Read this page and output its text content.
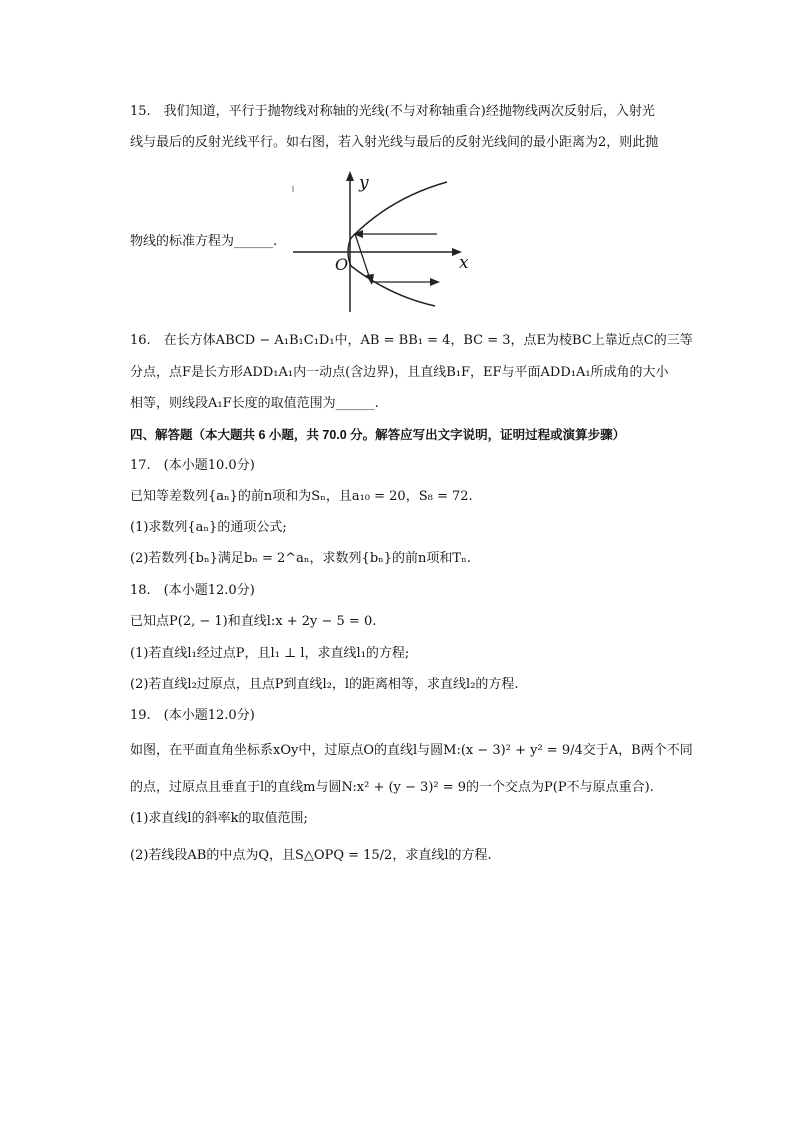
15.　我们知道，平行于抛物线对称轴的光线(不与对称轴重合)经抛物线两次反射后，入射光
线与最后的反射光线平行。如右图，若入射光线与最后的反射光线间的最小距离为2，则此抛
物线的标准方程为______.
y
x
O
16.　在长方体ABCD − A₁B₁C₁D₁中，AB = BB₁ = 4，BC = 3，点E为棱BC上靠近点C的三等
分点，点F是长方形ADD₁A₁内一动点(含边界)，且直线B₁F，EF与平面ADD₁A₁所成角的大小
相等，则线段A₁F长度的取值范围为______.
四、解答题（本大题共 6 小题，共 70.0 分。解答应写出文字说明，证明过程或演算步骤）
17.　(本小题10.0分)
已知等差数列{aₙ}的前n项和为Sₙ，且a₁₀ = 20，S₈ = 72.
(1)求数列{aₙ}的通项公式;
(2)若数列{bₙ}满足bₙ = 2^aₙ，求数列{bₙ}的前n项和Tₙ.
18.　(本小题12.0分)
已知点P(2, − 1)和直线l:x + 2y − 5 = 0.
(1)若直线l₁经过点P，且l₁ ⊥ l，求直线l₁的方程;
(2)若直线l₂过原点，且点P到直线l₂，l的距离相等，求直线l₂的方程.
19.　(本小题12.0分)
如图，在平面直角坐标系xOy中，过原点O的直线l与圆M:(x − 3)² + y² = 9/4交于A，B两个不同
的点，过原点且垂直于l的直线m与圆N:x² + (y − 3)² = 9的一个交点为P(P不与原点重合).
(1)求直线l的斜率k的取值范围;
(2)若线段AB的中点为Q，且S△OPQ = 15/2，求直线l的方程.
